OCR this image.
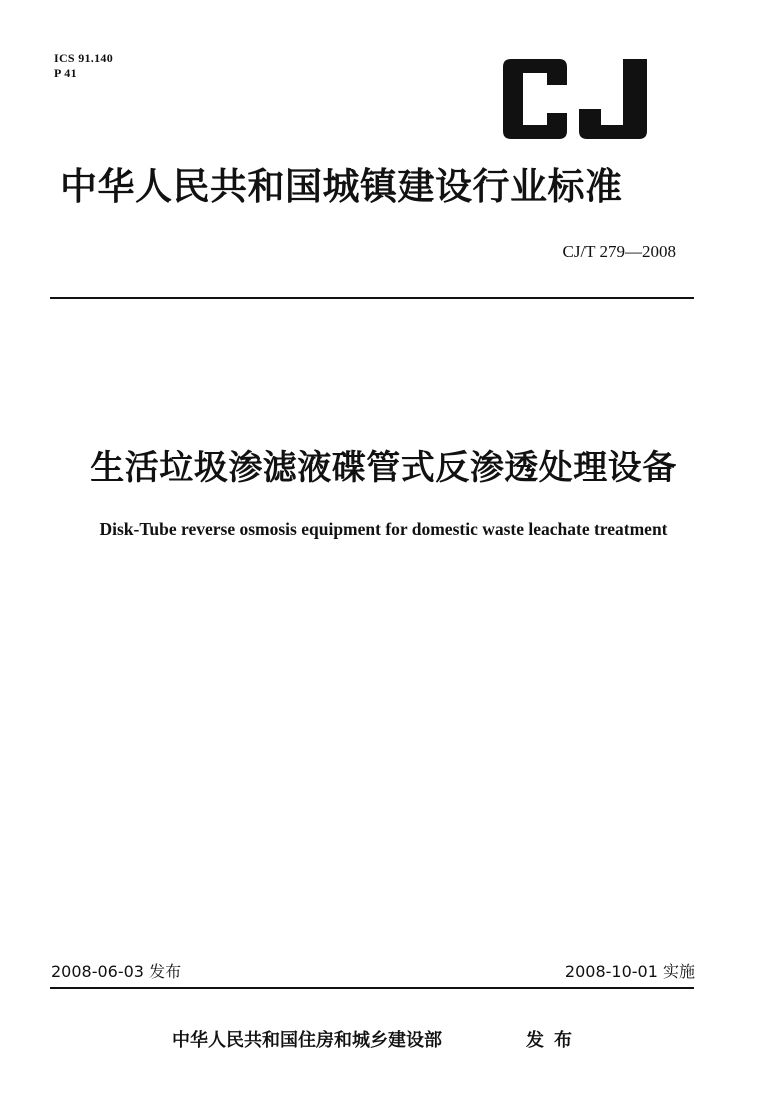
ICS 91.140
P 41
中华人民共和国城镇建设行业标准
CJ/T 279—2008
生活垃圾渗滤液碟管式反渗透处理设备
Disk-Tube reverse osmosis equipment for domestic waste leachate treatment
2008-06-03 发布	2008-10-01 实施
中华人民共和国住房和城乡建设部	发布
